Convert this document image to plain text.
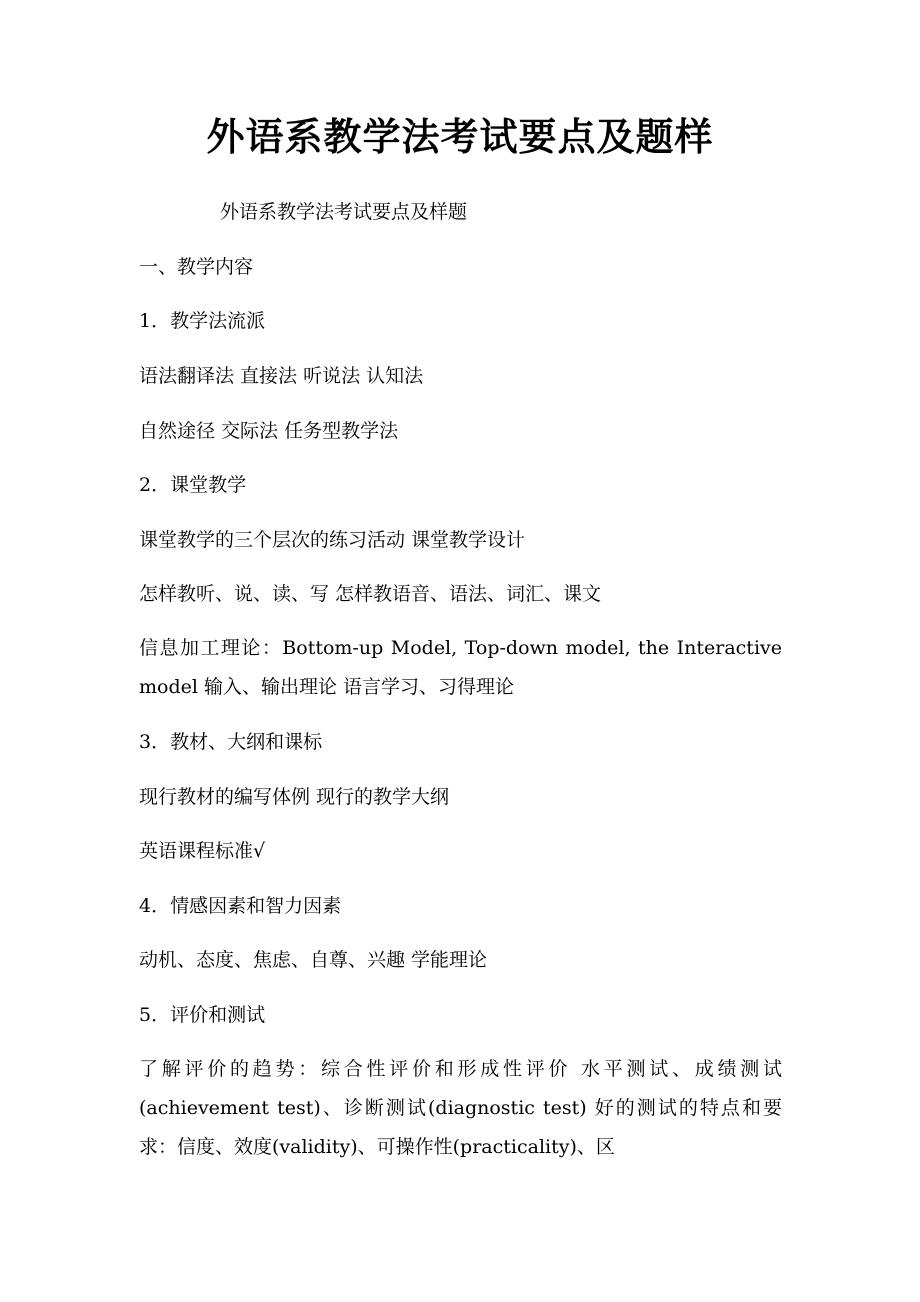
外语系教学法考试要点及题样
外语系教学法考试要点及样题
一、教学内容
1．教学法流派
语法翻译法 直接法 听说法 认知法
自然途径 交际法 任务型教学法
2．课堂教学
课堂教学的三个层次的练习活动 课堂教学设计
怎样教听、说、读、写 怎样教语音、语法、词汇、课文
信息加工理论：Bottom-up Model, Top-down model, the Interactive model 输入、输出理论 语言学习、习得理论
3．教材、大纲和课标
现行教材的编写体例 现行的教学大纲
英语课程标准√
4．情感因素和智力因素
动机、态度、焦虑、自尊、兴趣 学能理论
5．评价和测试
了解评价的趋势：综合性评价和形成性评价 水平测试、成绩测试(achievement test)、诊断测试(diagnostic test) 好的测试的特点和要求：信度、效度(validity)、可操作性(practicality)、区
